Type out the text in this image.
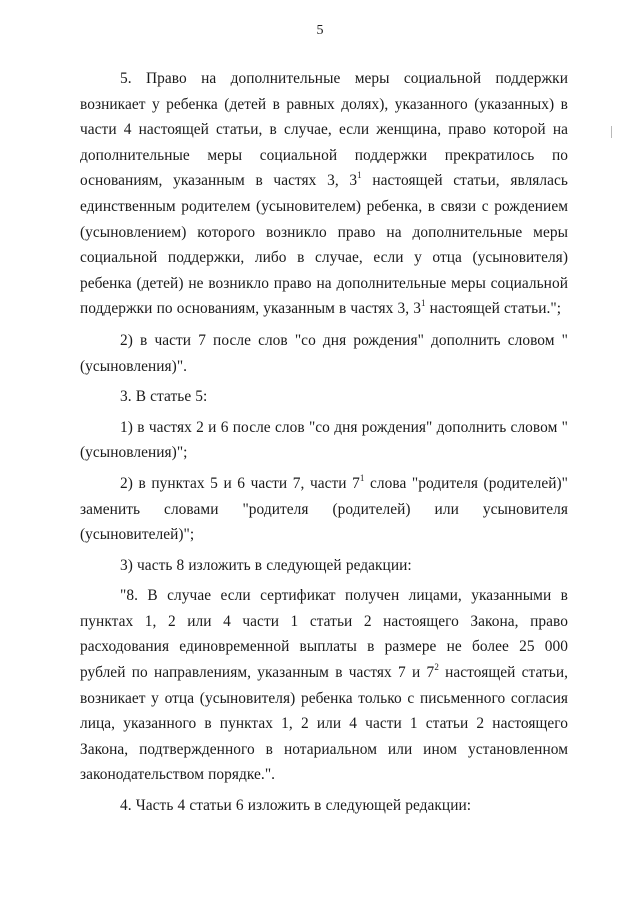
5

5. Право на дополнительные меры социальной поддержки возникает у ребенка (детей в равных долях), указанного (указанных) в части 4 настоящей статьи, в случае, если женщина, право которой на дополнительные меры социальной поддержки прекратилось по основаниям, указанным в частях 3, $3^1$ настоящей статьи, являлась единственным родителем (усыновителем) ребенка, в связи с рождением (усыновлением) которого возникло право на дополнительные меры социальной поддержки, либо в случае, если у отца (усыновителя) ребенка (детей) не возникло право на дополнительные меры социальной поддержки по основаниям, указанным в частях 3, $3^1$ настоящей статьи.";

2) в части 7 после слов "со дня рождения" дополнить словом "(усыновления)".

3. В статье 5:

1) в частях 2 и 6 после слов "со дня рождения" дополнить словом "(усыновления)";

2) в пунктах 5 и 6 части 7, части $7^1$ слова "родителя (родителей)" заменить словами "родителя (родителей) или усыновителя (усыновителей)";

3) часть 8 изложить в следующей редакции:

"8. В случае если сертификат получен лицами, указанными в пунктах 1, 2 или 4 части 1 статьи 2 настоящего Закона, право расходования единовременной выплаты в размере не более 25 000 рублей по направлениям, указанным в частях 7 и $7^2$ настоящей статьи, возникает у отца (усыновителя) ребенка только с письменного согласия лица, указанного в пунктах 1, 2 или 4 части 1 статьи 2 настоящего Закона, подтвержденного в нотариальном или ином установленном законодательством порядке.".

4. Часть 4 статьи 6 изложить в следующей редакции:
